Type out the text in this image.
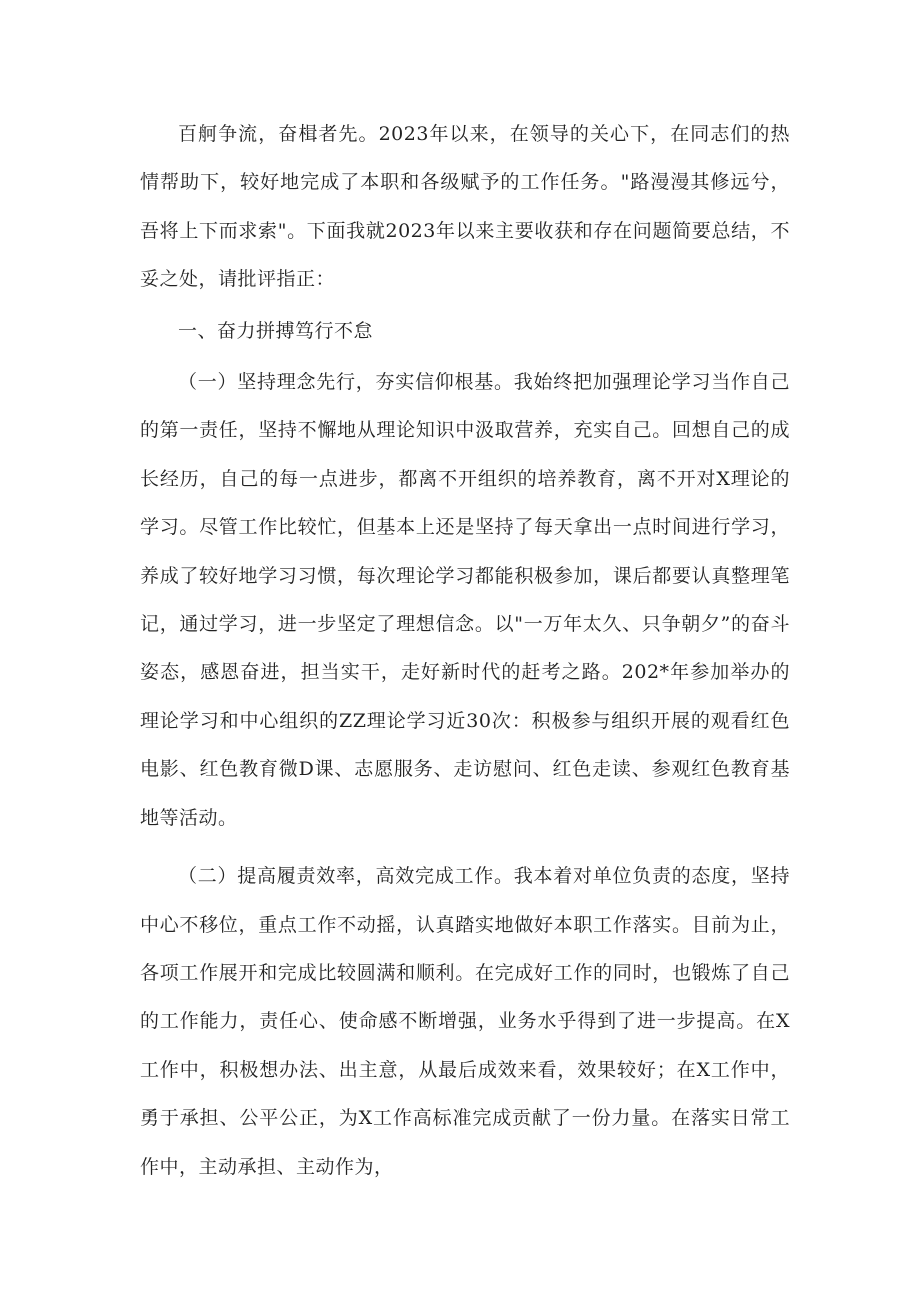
百舸争流，奋楫者先。2023年以来，在领导的关心下，在同志们的热情帮助下，较好地完成了本职和各级赋予的工作任务。"路漫漫其修远兮，吾将上下而求索"。下面我就2023年以来主要收获和存在问题简要总结，不妥之处，请批评指正：

一、奋力拼搏笃行不怠

（一）坚持理念先行，夯实信仰根基。我始终把加强理论学习当作自己的第一责任，坚持不懈地从理论知识中汲取营养，充实自己。回想自己的成长经历，自己的每一点进步，都离不开组织的培养教育，离不开对X理论的学习。尽管工作比较忙，但基本上还是坚持了每天拿出一点时间进行学习，养成了较好地学习习惯，每次理论学习都能积极参加，课后都要认真整理笔记，通过学习，进一步坚定了理想信念。以"一万年太久、只争朝夕”的奋斗姿态，感恩奋进，担当实干，走好新时代的赶考之路。202*年参加举办的理论学习和中心组织的ZZ理论学习近30次：积极参与组织开展的观看红色电影、红色教育微D课、志愿服务、走访慰问、红色走读、参观红色教育基地等活动。

（二）提高履责效率，高效完成工作。我本着对单位负责的态度，坚持中心不移位，重点工作不动摇，认真踏实地做好本职工作落实。目前为止，各项工作展开和完成比较圆满和顺利。在完成好工作的同时，也锻炼了自己的工作能力，责任心、使命感不断增强，业务水乎得到了进一步提高。在X工作中，积极想办法、出主意，从最后成效来看，效果较好；在X工作中，勇于承担、公平公正，为X工作高标准完成贡献了一份力量。在落实日常工作中，主动承担、主动作为，
